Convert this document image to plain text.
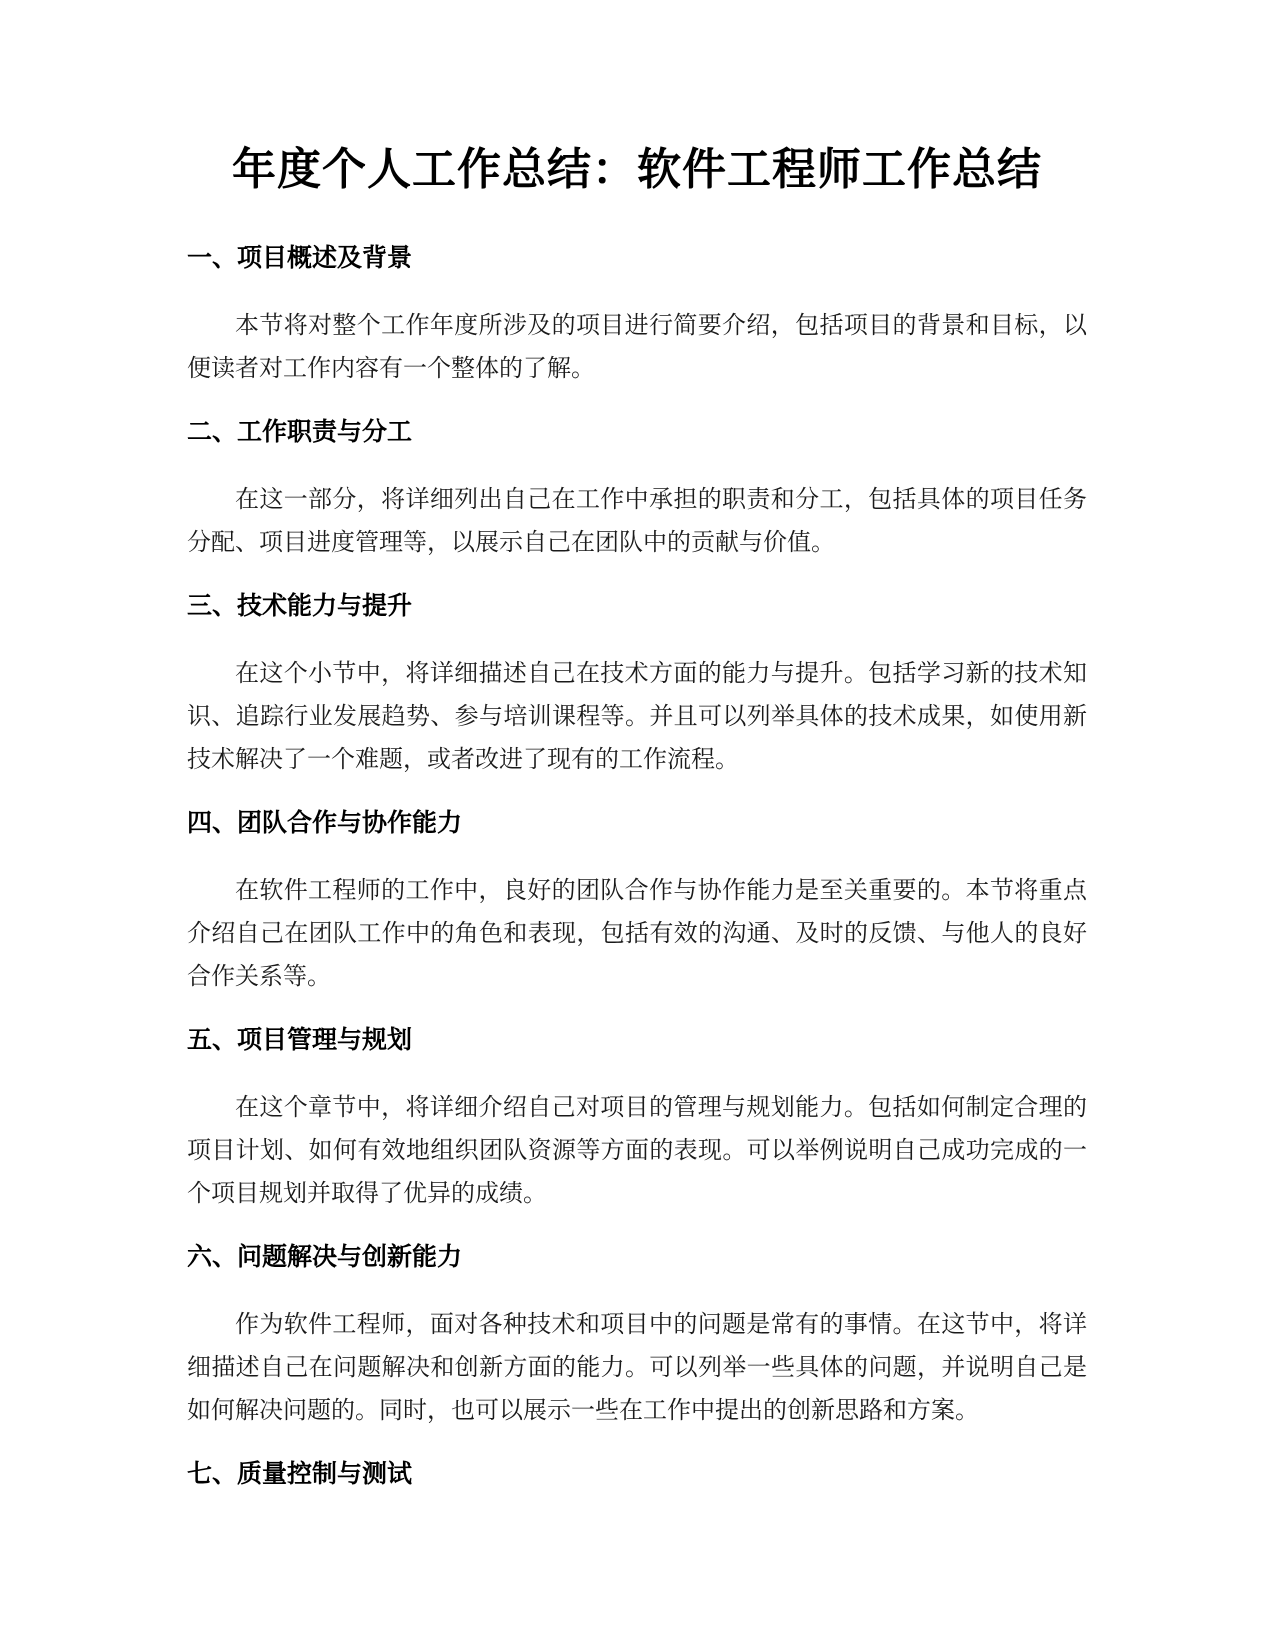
年度个人工作总结：软件工程师工作总结
一、项目概述及背景

本节将对整个工作年度所涉及的项目进行简要介绍，包括项目的背景和目标，以便读者对工作内容有一个整体的了解。

二、工作职责与分工

在这一部分，将详细列出自己在工作中承担的职责和分工，包括具体的项目任务分配、项目进度管理等，以展示自己在团队中的贡献与价值。

三、技术能力与提升

在这个小节中，将详细描述自己在技术方面的能力与提升。包括学习新的技术知识、追踪行业发展趋势、参与培训课程等。并且可以列举具体的技术成果，如使用新技术解决了一个难题，或者改进了现有的工作流程。

四、团队合作与协作能力

在软件工程师的工作中，良好的团队合作与协作能力是至关重要的。本节将重点介绍自己在团队工作中的角色和表现，包括有效的沟通、及时的反馈、与他人的良好合作关系等。

五、项目管理与规划

在这个章节中，将详细介绍自己对项目的管理与规划能力。包括如何制定合理的项目计划、如何有效地组织团队资源等方面的表现。可以举例说明自己成功完成的一个项目规划并取得了优异的成绩。

六、问题解决与创新能力

作为软件工程师，面对各种技术和项目中的问题是常有的事情。在这节中，将详细描述自己在问题解决和创新方面的能力。可以列举一些具体的问题，并说明自己是如何解决问题的。同时，也可以展示一些在工作中提出的创新思路和方案。

七、质量控制与测试
